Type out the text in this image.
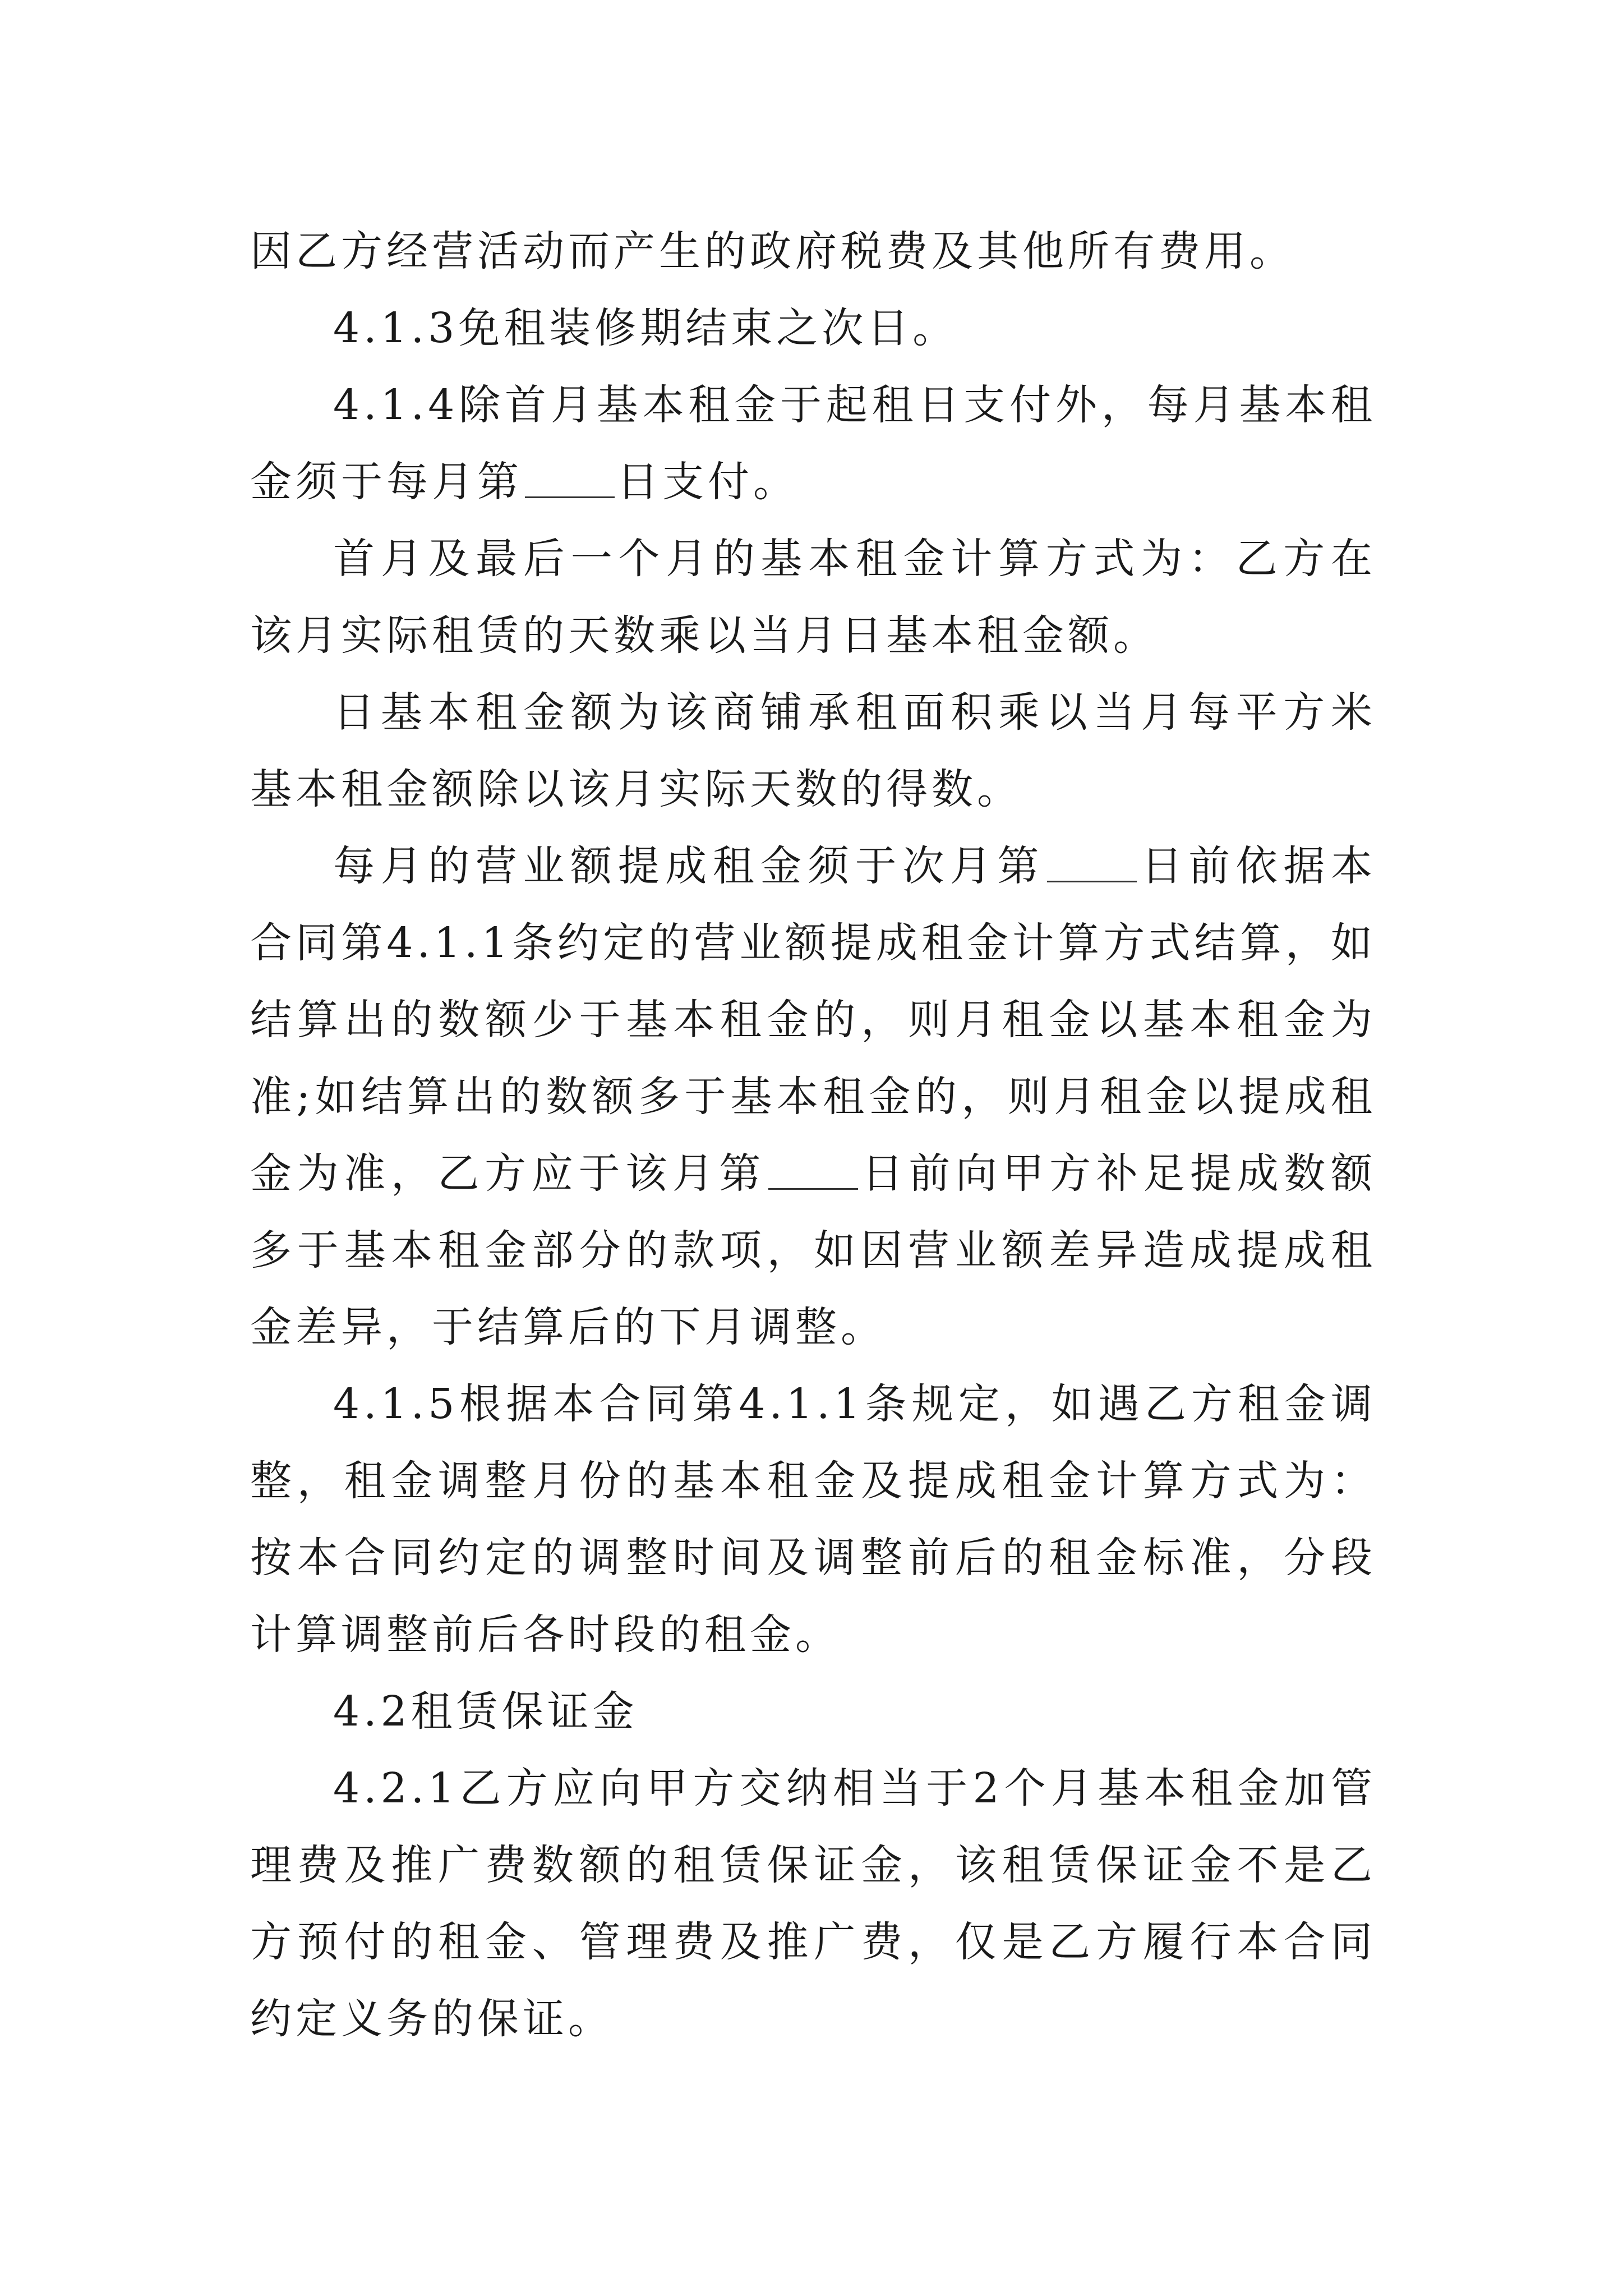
因乙方经营活动而产生的政府税费及其他所有费用。

4.1.3免租装修期结束之次日。

4.1.4除首月基本租金于起租日支付外，每月基本租金须于每月第 日支付。

首月及最后一个月的基本租金计算方式为：乙方在该月实际租赁的天数乘以当月日基本租金额。

日基本租金额为该商铺承租面积乘以当月每平方米基本租金额除以该月实际天数的得数。

每月的营业额提成租金须于次月第 日前依据本合同第4.1.1条约定的营业额提成租金计算方式结算，如结算出的数额少于基本租金的，则月租金以基本租金为准;如结算出的数额多于基本租金的，则月租金以提成租金为准，乙方应于该月第 日前向甲方补足提成数额多于基本租金部分的款项，如因营业额差异造成提成租金差异，于结算后的下月调整。

4.1.5根据本合同第4.1.1条规定，如遇乙方租金调整，租金调整月份的基本租金及提成租金计算方式为：按本合同约定的调整时间及调整前后的租金标准，分段计算调整前后各时段的租金。

4.2租赁保证金

4.2.1乙方应向甲方交纳相当于2个月基本租金加管理费及推广费数额的租赁保证金，该租赁保证金不是乙方预付的租金、管理费及推广费，仅是乙方履行本合同约定义务的保证。
